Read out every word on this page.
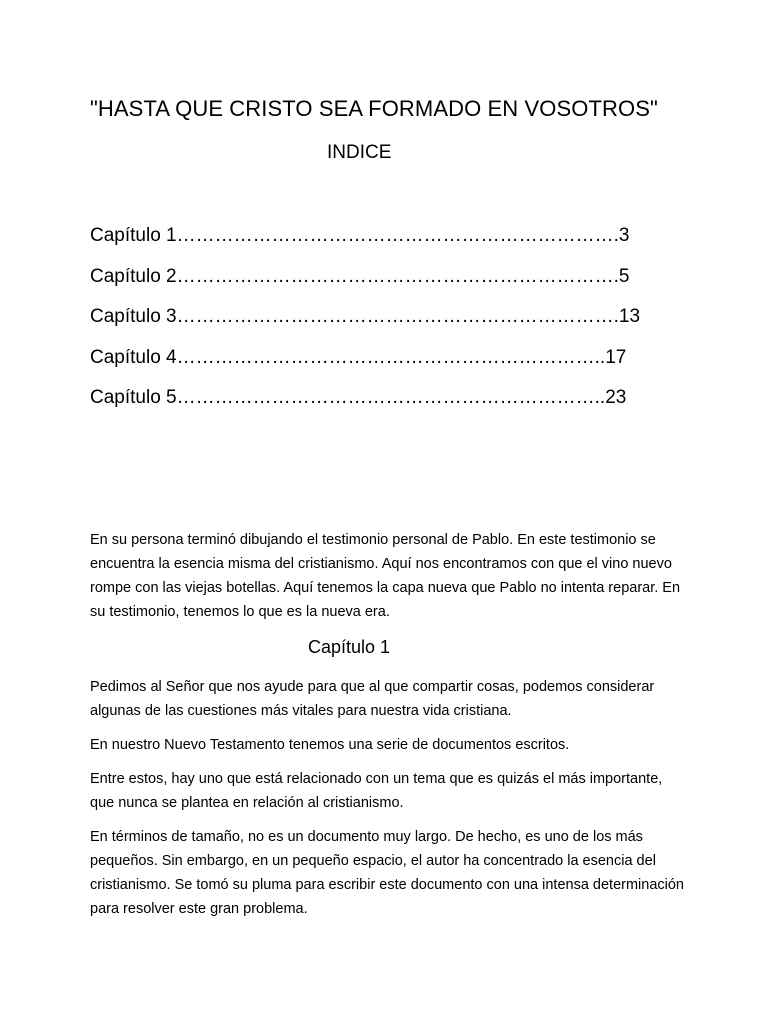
"HASTA QUE CRISTO SEA FORMADO EN VOSOTROS"
INDICE
Capítulo 1…………………………………………………………….3
Capítulo 2…………………………………………………………….5
Capítulo 3…………………………………………………………….13
Capítulo 4…………………………………………………………..17
Capítulo 5…………………………………………………………..23

En su persona terminó dibujando el testimonio personal de Pablo. En este testimonio se encuentra la esencia misma del cristianismo. Aquí nos encontramos con que el vino nuevo rompe con las viejas botellas. Aquí tenemos la capa nueva que Pablo no intenta reparar. En su testimonio, tenemos lo que es la nueva era.

Capítulo 1

Pedimos al Señor que nos ayude para que al que compartir cosas, podemos considerar algunas de las cuestiones más vitales para nuestra vida cristiana.

En nuestro Nuevo Testamento tenemos una serie de documentos escritos.

Entre estos, hay uno que está relacionado con un tema que es quizás el más importante, que nunca se plantea en relación al cristianismo.

En términos de tamaño, no es un documento muy largo. De hecho, es uno de los más pequeños. Sin embargo, en un pequeño espacio, el autor ha concentrado la esencia del cristianismo. Se tomó su pluma para escribir este documento con una intensa determinación para resolver este gran problema.
